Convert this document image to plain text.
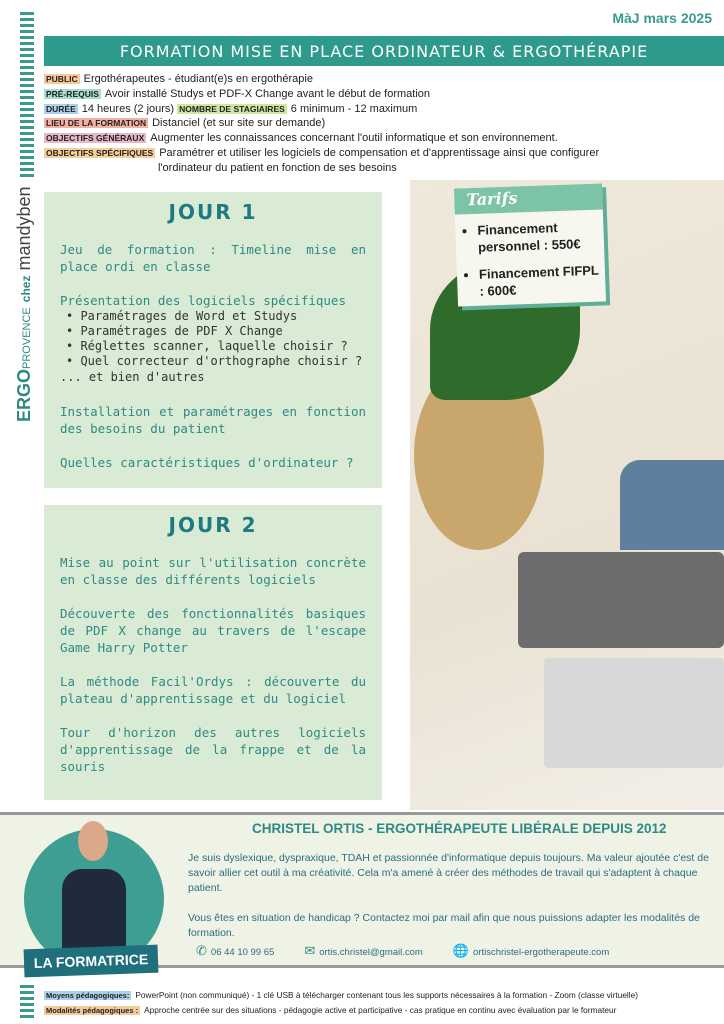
MàJ mars 2025
FORMATION MISE EN PLACE ORDINATEUR & ERGOTHÉRAPIE
PUBLIC Ergothérapeutes - étudiant(e)s en ergothérapie
PRÉ-REQUIS Avoir installé Studys et PDF-X Change avant le début de formation
DURÉE 14 heures (2 jours) NOMBRE DE STAGIAIRES 6 minimum - 12 maximum
LIEU DE LA FORMATION Distanciel (et sur site sur demande)
OBJECTIFS GÉNÉRAUX Augmenter les connaissances concernant l'outil informatique et son environnement.
OBJECTIFS SPÉCIFIQUES Paramétrer et utiliser les logiciels de compensation et d'apprentissage ainsi que configurer
l'ordinateur du patient en fonction de ses besoins
ERGOPROVENCE chez mandyben	JOUR 1

Jeu de formation : Timeline mise en place ordi en classe

Présentation des logiciels spécifiques
• Paramétrages de Word et Studys
• Paramétrages de PDF X Change
• Réglettes scanner, laquelle choisir ?
• Quel correcteur d'orthographe choisir ?

... et bien d'autres

Installation et paramétrages en fonction des besoins du patient

Quelles caractéristiques d'ordinateur ?

JOUR 2

Mise au point sur l'utilisation concrète en classe des différents logiciels

Découverte des fonctionnalités basiques de PDF X change au travers de l'escape Game Harry Potter

La méthode Facil'Ordys : découverte du plateau d'apprentissage et du logiciel

Tour d'horizon des autres logiciels d'apprentissage de la frappe et de la souris

Tarifs
• Financement personnel : 550€
• Financement FIFPL : 600€
LA FORMATRICE
CHRISTEL ORTIS - ERGOTHÉRAPEUTE LIBÉRALE DEPUIS 2012

Je suis dyslexique, dyspraxique, TDAH et passionnée d'informatique depuis toujours. Ma valeur ajoutée c'est de savoir allier cet outil à ma créativité. Cela m'a amené à créer des méthodes de travail qui s'adaptent à chaque patient.

Vous êtes en situation de handicap ? Contactez moi par mail afin que nous puissions adapter les modalités de formation.

✆ 06 44 10 99 65 ✉ ortis.christel@gmail.com 🌐 ortischristel-ergotherapeute.com
Moyens pédagogiques: PowerPoint (non communiqué) - 1 clé USB à télécharger contenant tous les supports nécessaires à la formation - Zoom (classe virtuelle)
Modalités pédagogiques : Approche centrée sur des situations - pédagogie active et participative - cas pratique en continu avec évaluation par le formateur
